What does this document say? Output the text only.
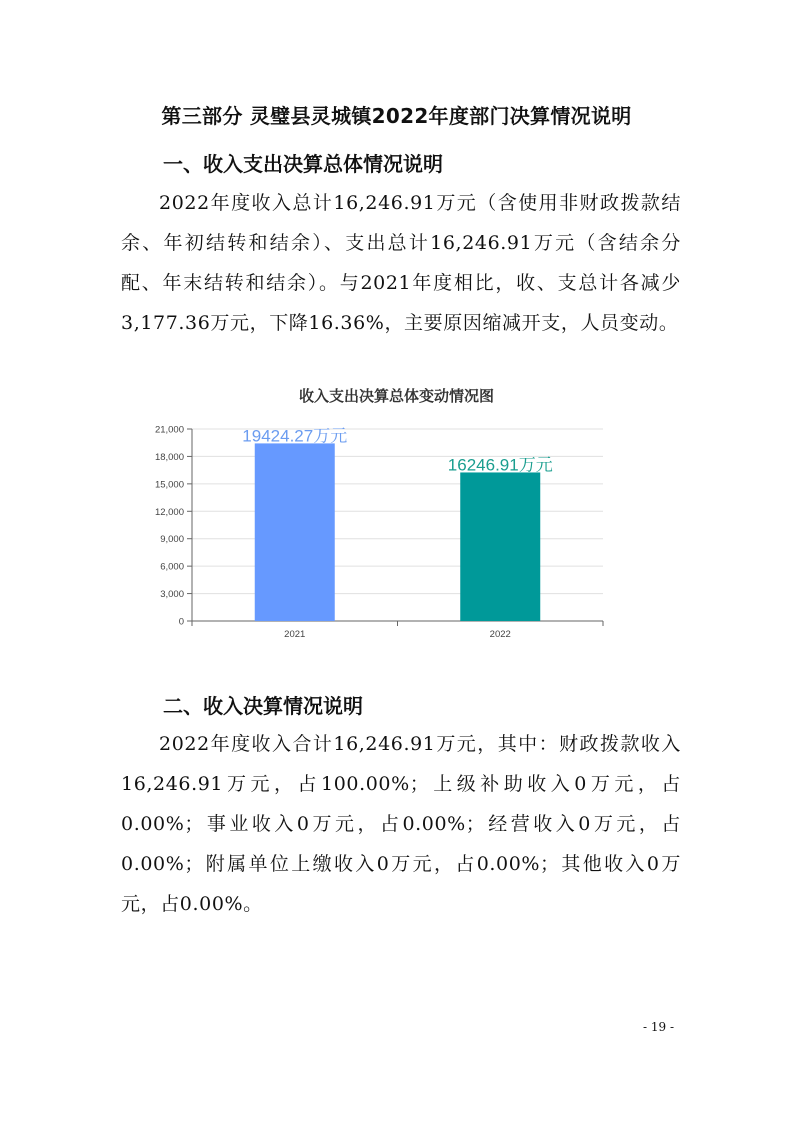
第三部分 灵璧县灵城镇2022年度部门决算情况说明
一、收入支出决算总体情况说明
2022年度收入总计16,246.91万元（含使用非财政拨款结余、年初结转和结余）、支出总计16,246.91万元（含结余分配、年末结转和结余）。与2021年度相比，收、支总计各减少3,177.36万元，下降16.36%，主要原因缩减开支，人员变动。
收入支出决算总体变动情况图
0
3,000
6,000
9,000
12,000
15,000
18,000
21,000	19424.27万元
2021
16246.91万元
2022
二、收入决算情况说明
2022年度收入合计16,246.91万元，其中：财政拨款收入16,246.91万元，占100.00%；上级补助收入0万元，占0.00%；事业收入0万元，占0.00%；经营收入0万元，占0.00%；附属单位上缴收入0万元，占0.00%；其他收入0万元，占0.00%。
- 19 -
